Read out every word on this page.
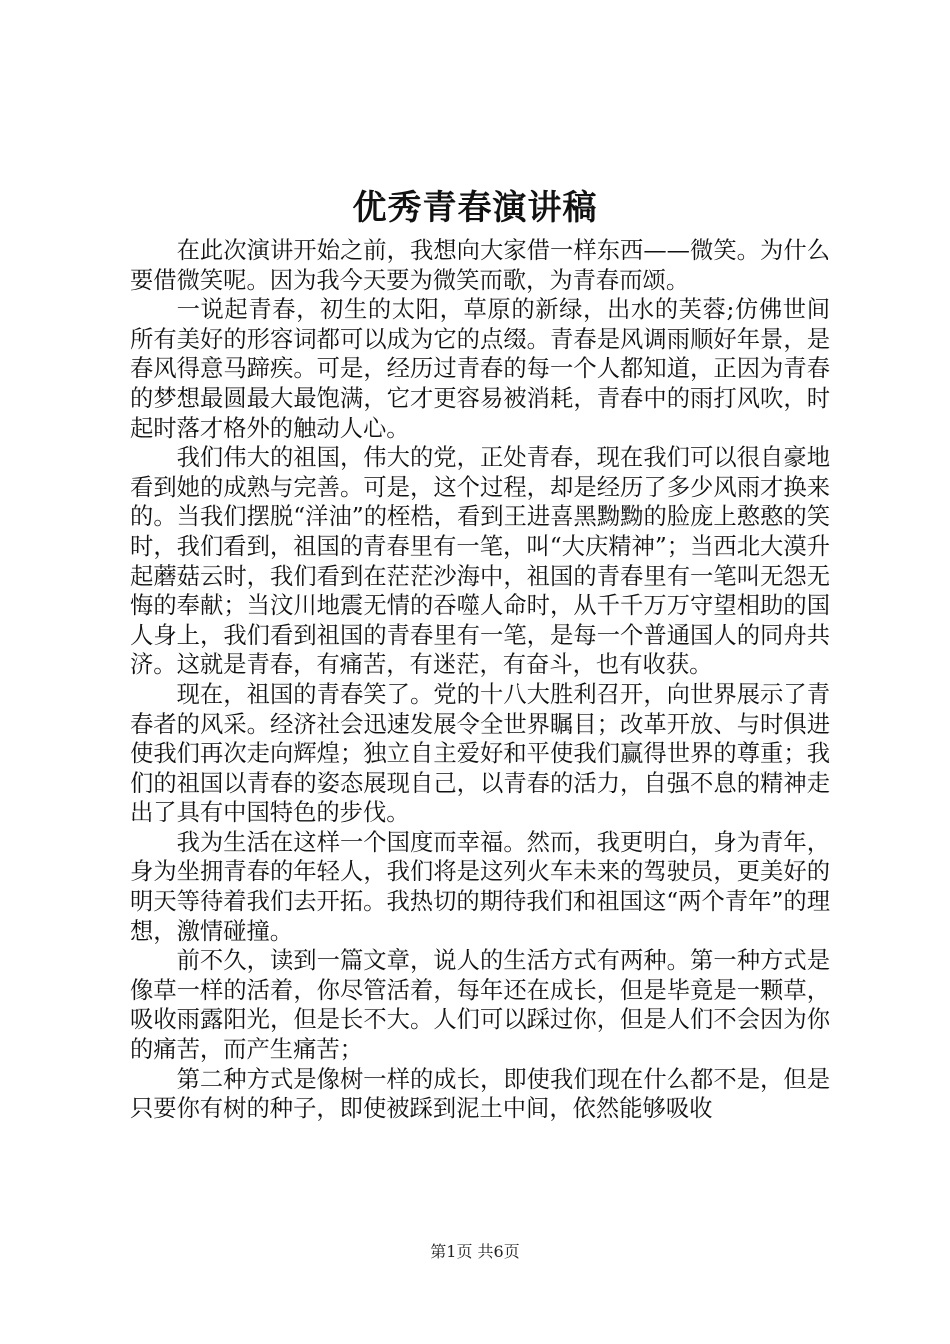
优秀青春演讲稿

在此次演讲开始之前，我想向大家借一样东西——微笑。为什么要借微笑呢。因为我今天要为微笑而歌，为青春而颂。

一说起青春，初生的太阳，草原的新绿，出水的芙蓉;仿佛世间所有美好的形容词都可以成为它的点缀。青春是风调雨顺好年景，是春风得意马蹄疾。可是，经历过青春的每一个人都知道，正因为青春的梦想最圆最大最饱满，它才更容易被消耗，青春中的雨打风吹，时起时落才格外的触动人心。

我们伟大的祖国，伟大的党，正处青春，现在我们可以很自豪地看到她的成熟与完善。可是，这个过程，却是经历了多少风雨才换来的。当我们摆脱“洋油”的桎梏，看到王进喜黑黝黝的脸庞上憨憨的笑时，我们看到，祖国的青春里有一笔，叫“大庆精神”；当西北大漠升起蘑菇云时，我们看到在茫茫沙海中，祖国的青春里有一笔叫无怨无悔的奉献；当汶川地震无情的吞噬人命时，从千千万万守望相助的国人身上，我们看到祖国的青春里有一笔，是每一个普通国人的同舟共济。这就是青春，有痛苦，有迷茫，有奋斗，也有收获。

现在，祖国的青春笑了。党的十八大胜利召开，向世界展示了青春者的风采。经济社会迅速发展令全世界瞩目；改革开放、与时俱进使我们再次走向辉煌；独立自主爱好和平使我们赢得世界的尊重；我们的祖国以青春的姿态展现自己，以青春的活力，自强不息的精神走出了具有中国特色的步伐。

我为生活在这样一个国度而幸福。然而，我更明白，身为青年，身为坐拥青春的年轻人，我们将是这列火车未来的驾驶员，更美好的明天等待着我们去开拓。我热切的期待我们和祖国这“两个青年”的理想，激情碰撞。

前不久，读到一篇文章，说人的生活方式有两种。第一种方式是像草一样的活着，你尽管活着，每年还在成长，但是毕竟是一颗草，吸收雨露阳光，但是长不大。人们可以踩过你，但是人们不会因为你的痛苦，而产生痛苦；

第二种方式是像树一样的成长，即使我们现在什么都不是，但是只要你有树的种子，即使被踩到泥土中间，依然能够吸收

第1页 共6页
